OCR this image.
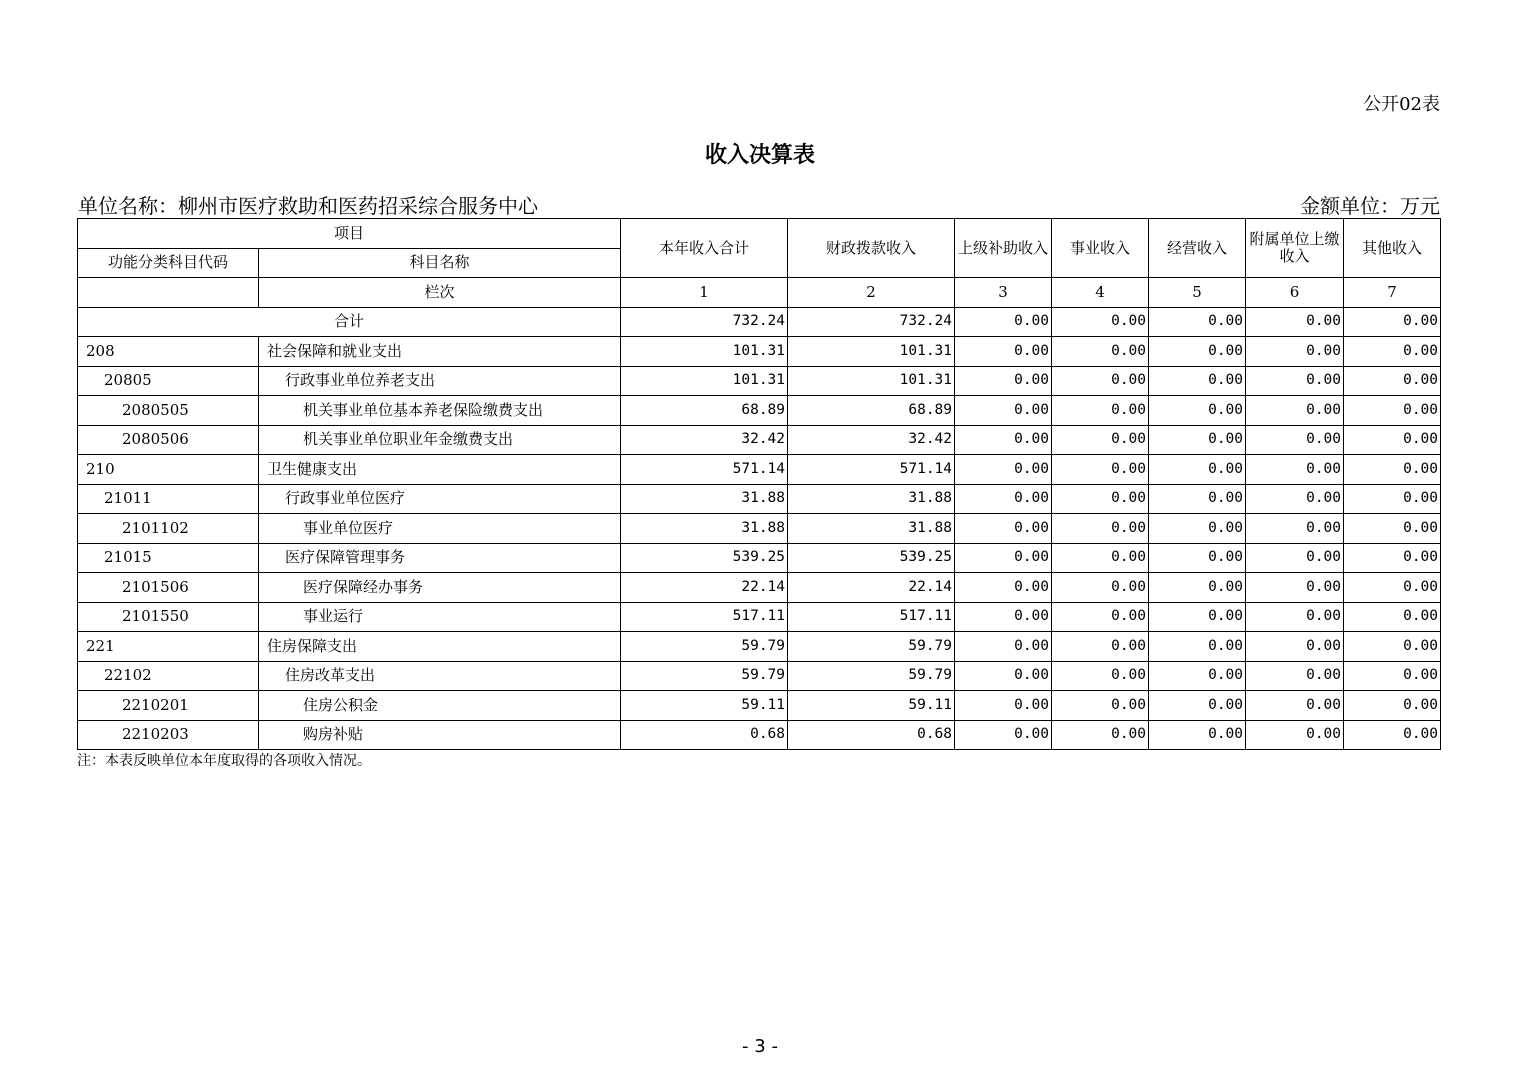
公开02表
收入决算表
单位名称：柳州市医疗救助和医药招采综合服务中心	金额单位：万元
项目		本年收入合计	财政拨款收入	上级补助收入	事业收入	经营收入	附属单位上缴收入	其他收入
功能分类科目代码	科目名称							
	栏次	1	2	3	4	5	6	7
合计		732.24	732.24	0.00	0.00	0.00	0.00	0.00
208	社会保障和就业支出	101.31	101.31	0.00	0.00	0.00	0.00	0.00
20805	行政事业单位养老支出	101.31	101.31	0.00	0.00	0.00	0.00	0.00
2080505	机关事业单位基本养老保险缴费支出	68.89	68.89	0.00	0.00	0.00	0.00	0.00
2080506	机关事业单位职业年金缴费支出	32.42	32.42	0.00	0.00	0.00	0.00	0.00
210	卫生健康支出	571.14	571.14	0.00	0.00	0.00	0.00	0.00
21011	行政事业单位医疗	31.88	31.88	0.00	0.00	0.00	0.00	0.00
2101102	事业单位医疗	31.88	31.88	0.00	0.00	0.00	0.00	0.00
21015	医疗保障管理事务	539.25	539.25	0.00	0.00	0.00	0.00	0.00
2101506	医疗保障经办事务	22.14	22.14	0.00	0.00	0.00	0.00	0.00
2101550	事业运行	517.11	517.11	0.00	0.00	0.00	0.00	0.00
221	住房保障支出	59.79	59.79	0.00	0.00	0.00	0.00	0.00
22102	住房改革支出	59.79	59.79	0.00	0.00	0.00	0.00	0.00
2210201	住房公积金	59.11	59.11	0.00	0.00	0.00	0.00	0.00
2210203	购房补贴	0.68	0.68	0.00	0.00	0.00	0.00	0.00
注：本表反映单位本年度取得的各项收入情况。
- 3 -
